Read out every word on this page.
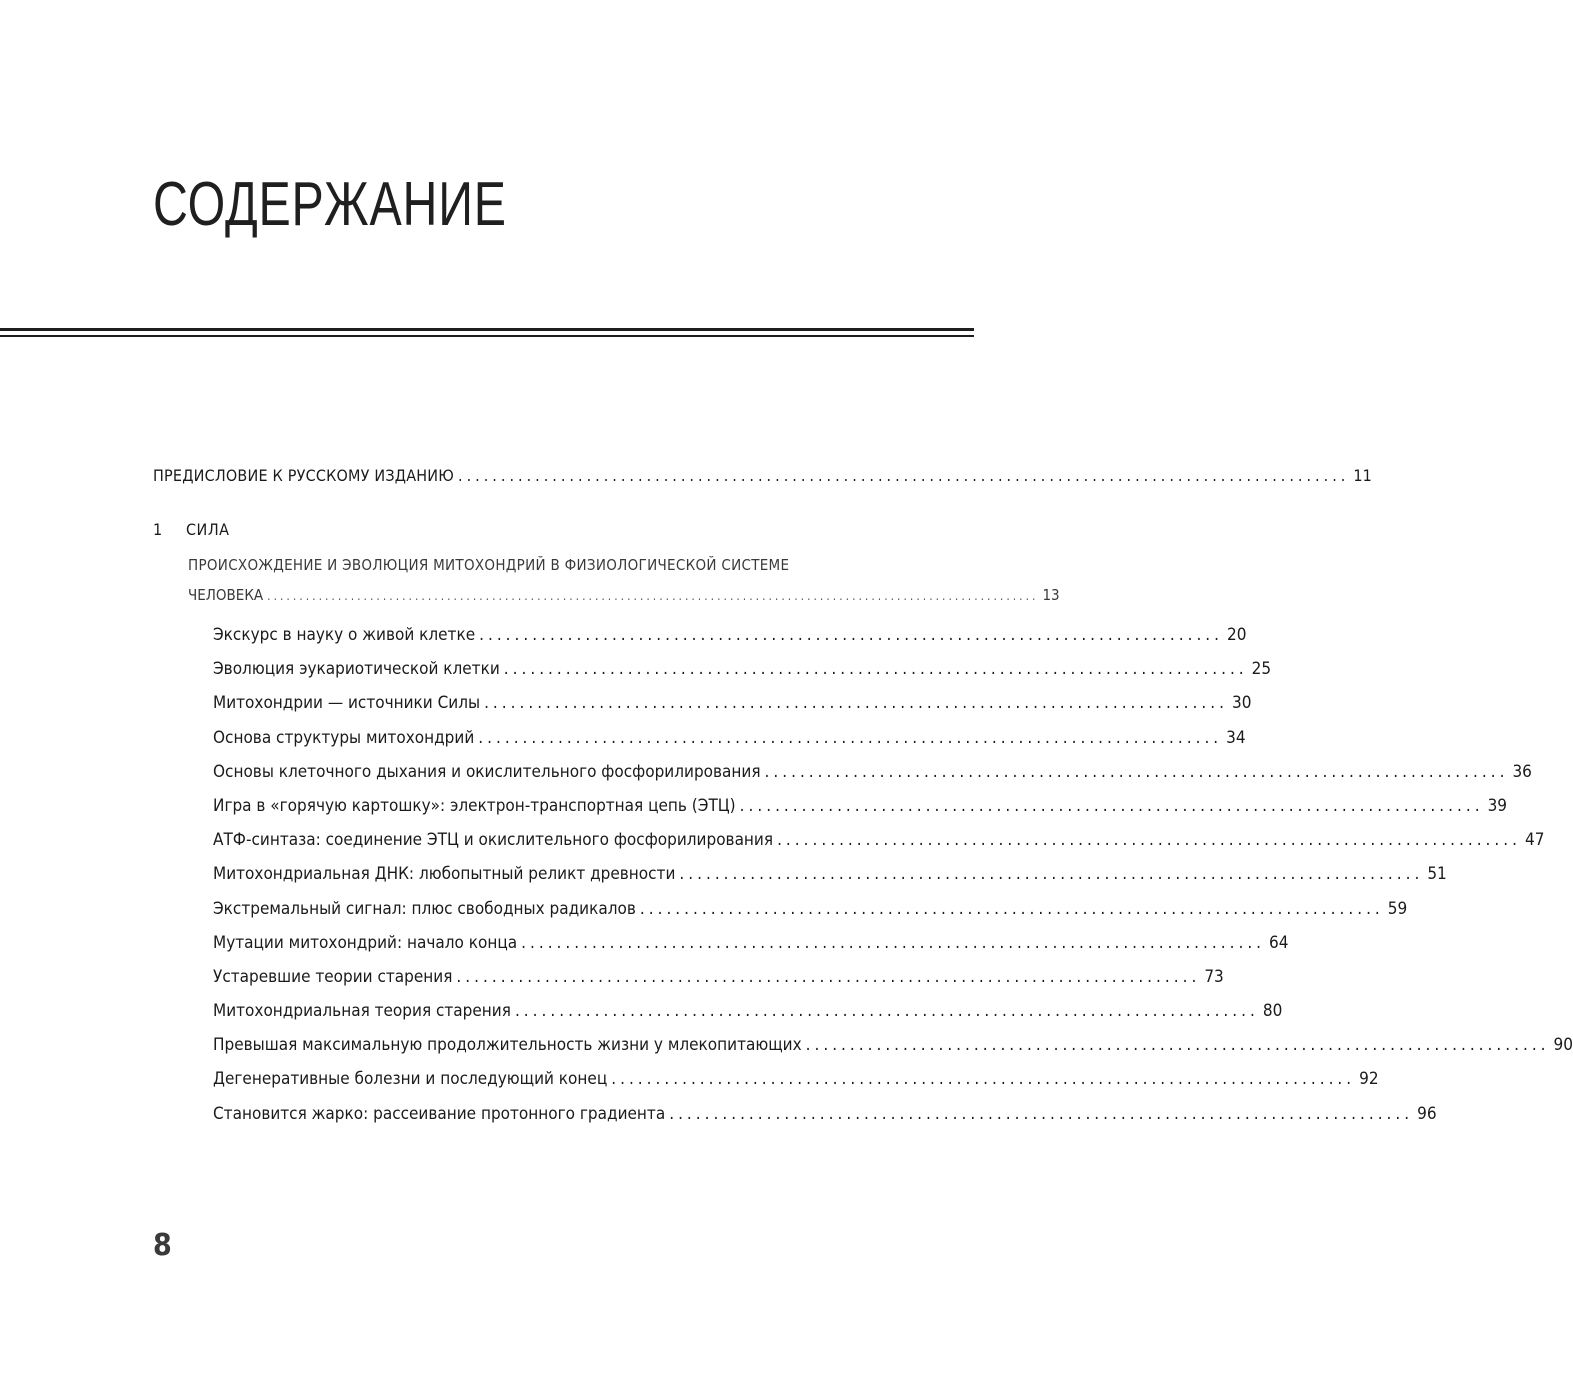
СОДЕРЖАНИЕ
ПРЕДИСЛОВИЕ К РУССКОМУ ИЗДАНИЮ ........................................................................................................ 11
1 СИЛА
ПРОИСХОЖДЕНИЕ И ЭВОЛЮЦИЯ МИТОХОНДРИЙ В ФИЗИОЛОГИЧЕСКОЙ СИСТЕМЕ
ЧЕЛОВЕКА ........................................................................................................................ 13
Экскурс в науку о живой клетке .................................................................................... 20
Эволюция эукариотической клетки .................................................................................... 25
Митохондрии — источники Силы .................................................................................... 30
Основа структуры митохондрий .................................................................................... 34
Основы клеточного дыхания и окислительного фосфорилирования .................................................................................... 36
Игра в «горячую картошку»: электрон-транспортная цепь (ЭТЦ) .................................................................................... 39
АТФ-синтаза: соединение ЭТЦ и окислительного фосфорилирования .................................................................................... 47
Митохондриальная ДНК: любопытный реликт древности .................................................................................... 51
Экстремальный сигнал: плюс свободных радикалов .................................................................................... 59
Мутации митохондрий: начало конца .................................................................................... 64
Устаревшие теории старения .................................................................................... 73
Митохондриальная теория старения .................................................................................... 80
Превышая максимальную продолжительность жизни у млекопитающих .................................................................................... 90
Дегенеративные болезни и последующий конец .................................................................................... 92
Становится жарко: рассеивание протонного градиента .................................................................................... 96
8
